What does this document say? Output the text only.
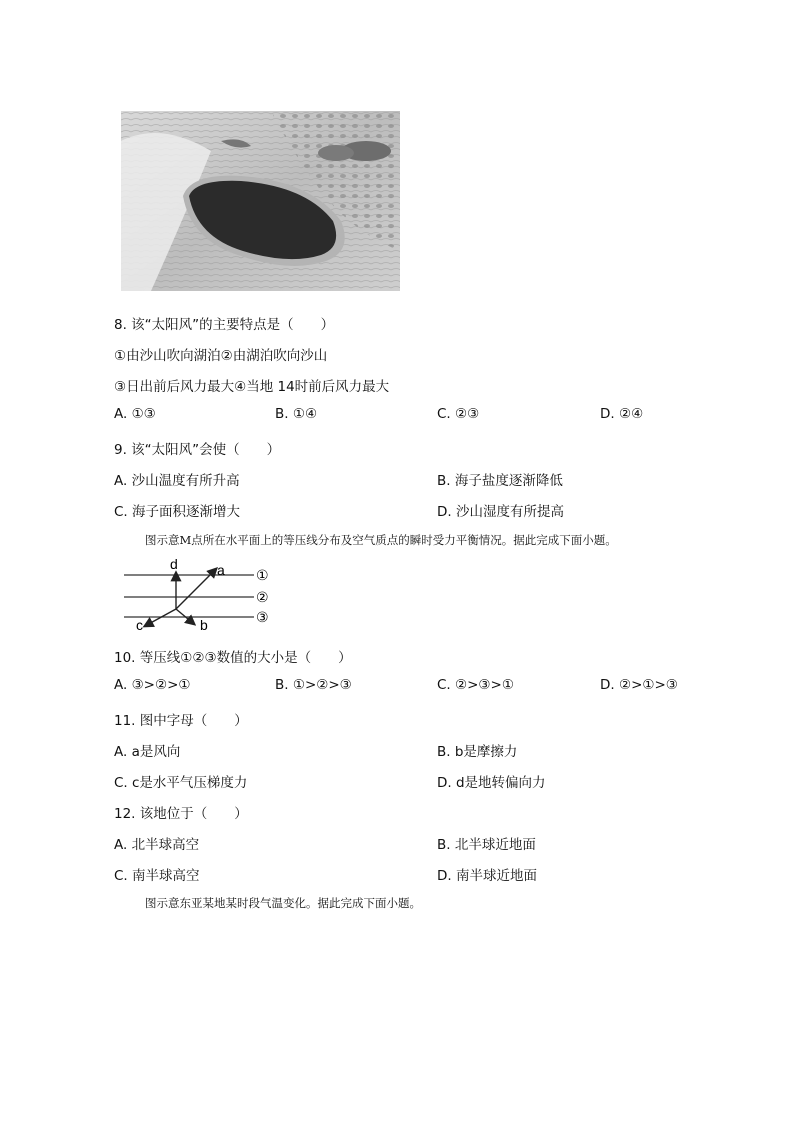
8. 该“太阳风”的主要特点是（　　）
①由沙山吹向湖泊②由湖泊吹向沙山
③日出前后风力最大④当地 14时前后风力最大
A. ①③	B. ①④	C. ②③	D. ②④
9. 该“太阳风”会使（　　）
A. 沙山温度有所升高	B. 海子盐度逐渐降低
C. 海子面积逐渐增大	D. 沙山湿度有所提高
图示意M点所在水平面上的等压线分布及空气质点的瞬时受力平衡情况。据此完成下面小题。
d	a
c	b
①
②
③
10. 等压线①②③数值的大小是（　　）
A. ③>②>①	B. ①>②>③	C. ②>③>①	D. ②>①>③
11. 图中字母（　　）
A. a是风向	B. b是摩擦力
C. c是水平气压梯度力	D. d是地转偏向力
12. 该地位于（　　）
A. 北半球高空	B. 北半球近地面
C. 南半球高空	D. 南半球近地面
图示意东亚某地某时段气温变化。据此完成下面小题。
